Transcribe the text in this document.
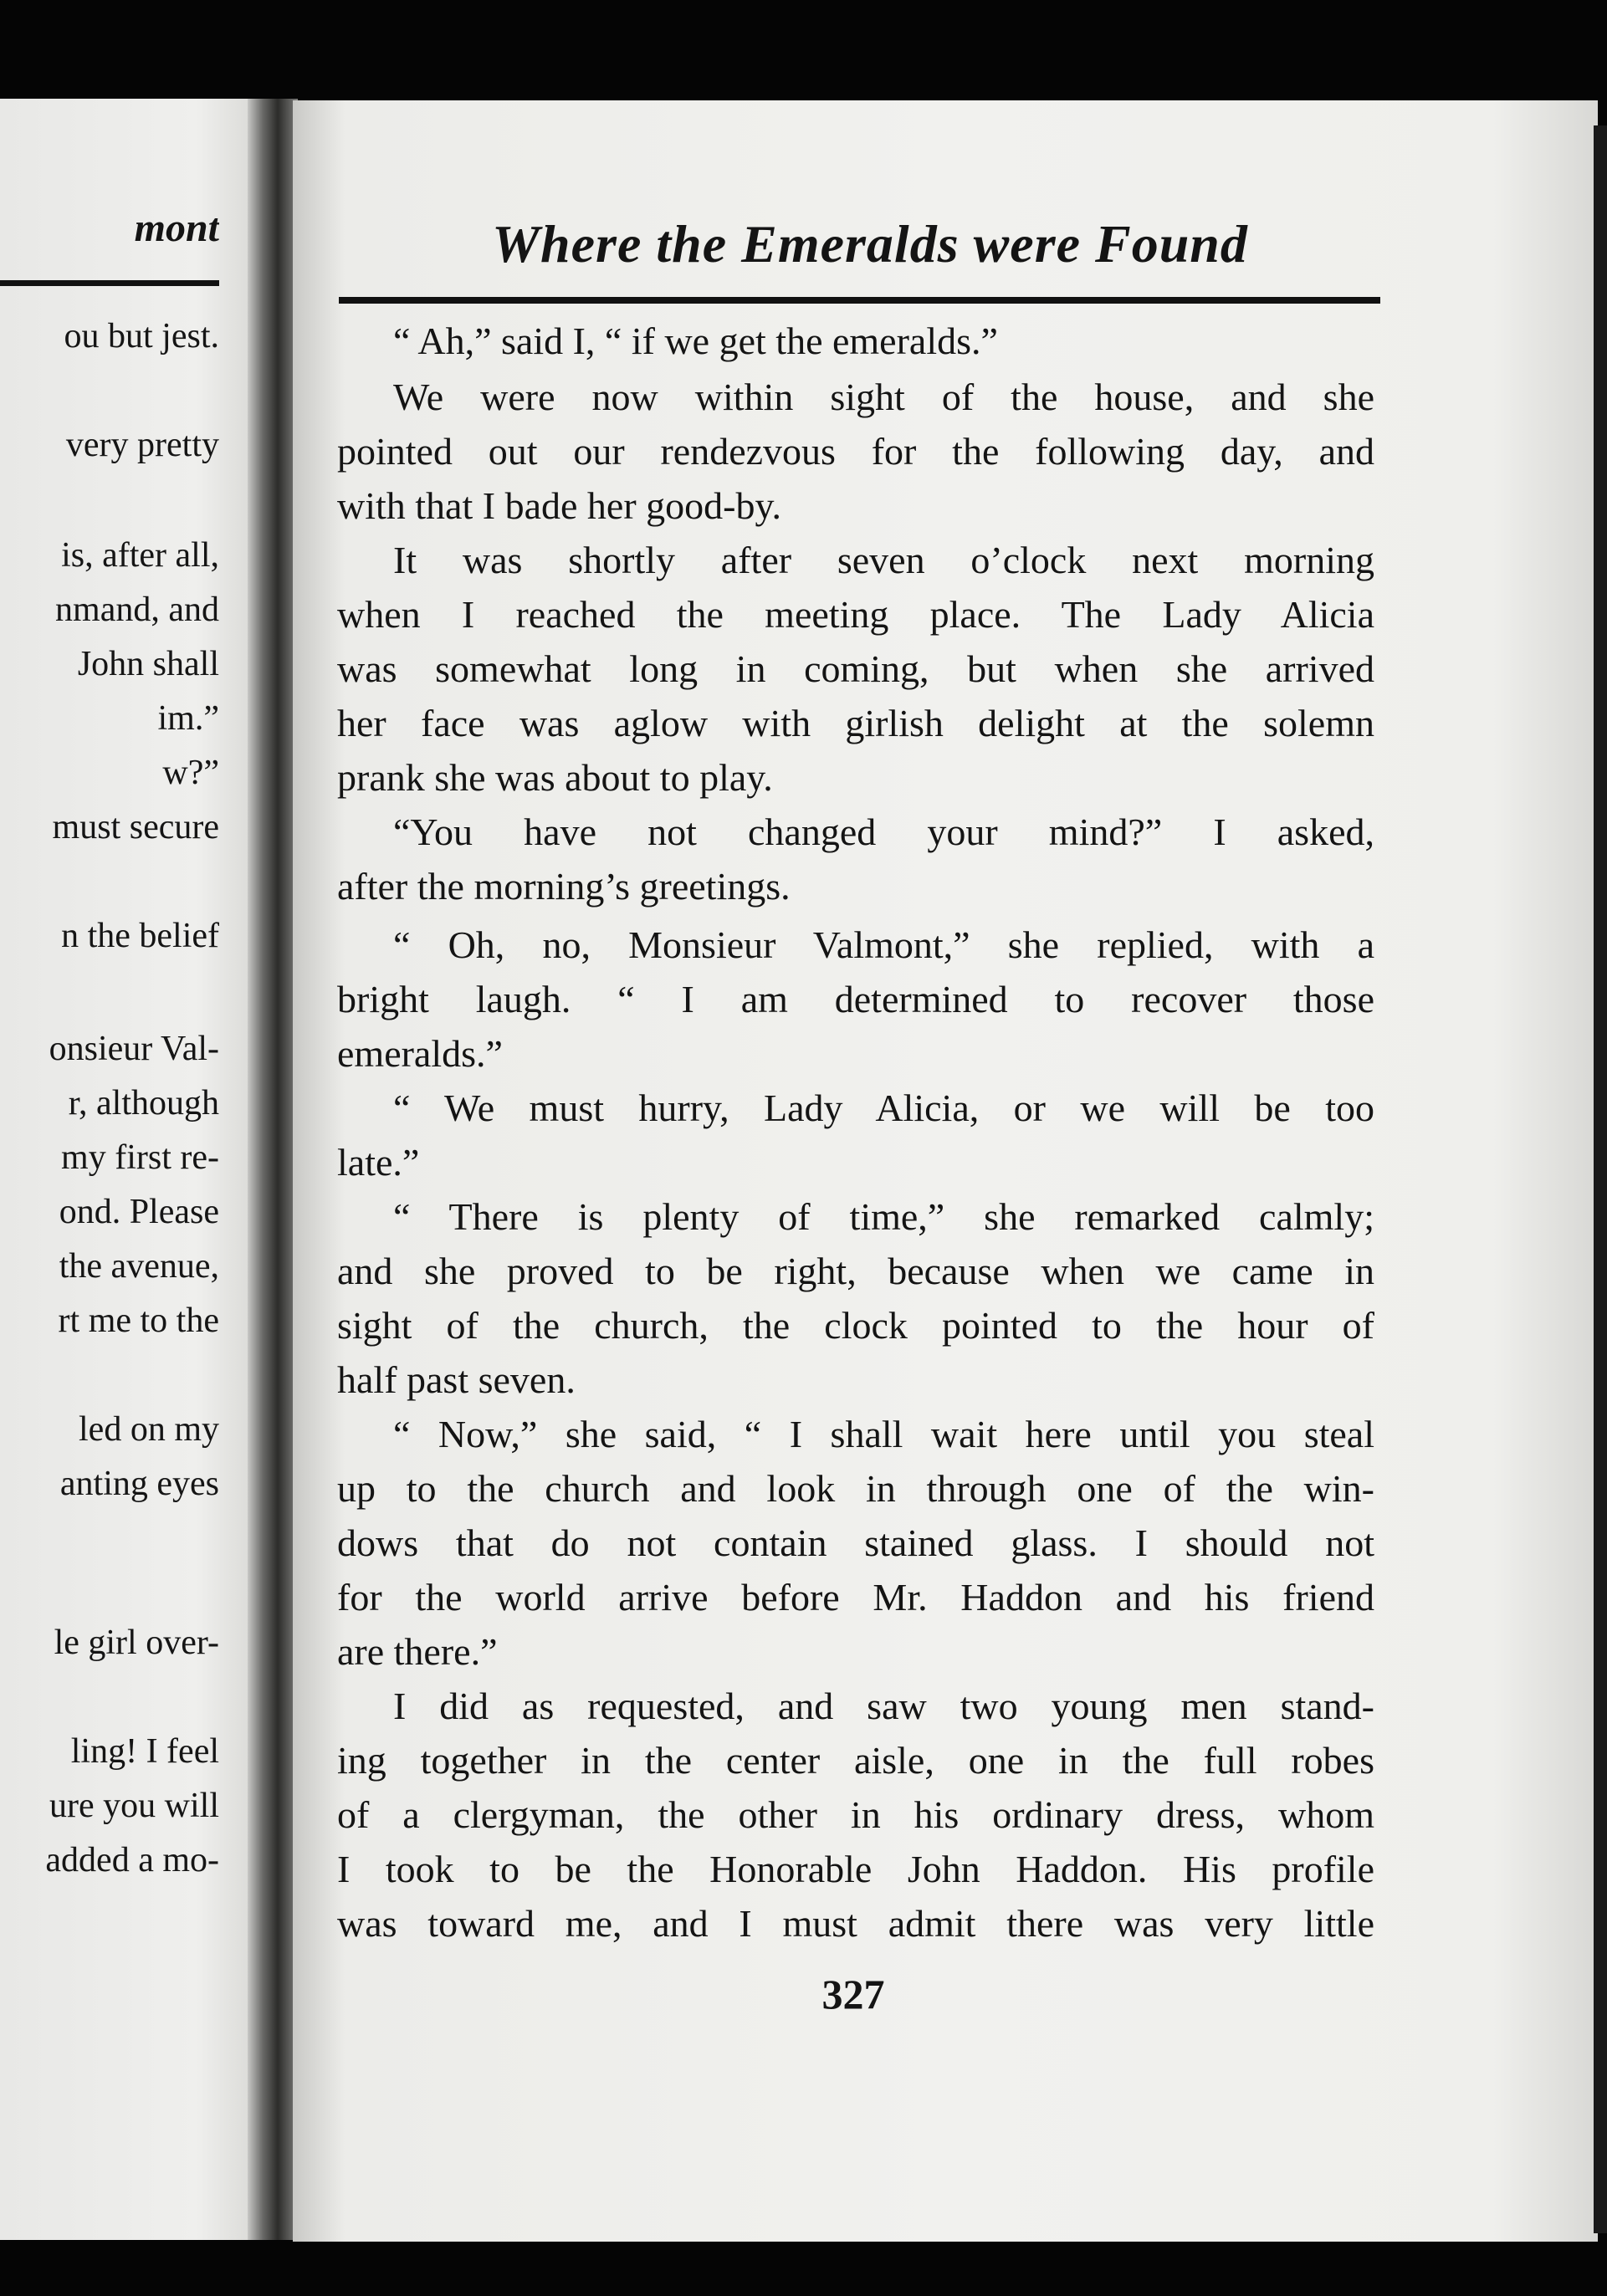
mont
ou but jest.
very pretty
is, after all,
nmand, and
John shall
im.”
w?”
must secure
n the belief
onsieur Val-
r, although
my first re-
ond. Please
the avenue,
rt me to the
led on my
anting eyes
le girl over-
ling! I feel
ure you will
added a mo-
Where the Emeralds were Found
“ Ah,” said I, “ if we get the emeralds.”
We were now within sight of the house, and she
pointed out our rendezvous for the following day, and
with that I bade her good-by.
It was shortly after seven o’clock next morning
when I reached the meeting place. The Lady Alicia
was somewhat long in coming, but when she arrived
her face was aglow with girlish delight at the solemn
prank she was about to play.
“You have not changed your mind?” I asked,
after the morning’s greetings.
“ Oh, no, Monsieur Valmont,” she replied, with a
bright laugh. “ I am determined to recover those
emeralds.”
“ We must hurry, Lady Alicia, or we will be too
late.”
“ There is plenty of time,” she remarked calmly;
and she proved to be right, because when we came in
sight of the church, the clock pointed to the hour of
half past seven.
“ Now,” she said, “ I shall wait here until you steal
up to the church and look in through one of the win-
dows that do not contain stained glass. I should not
for the world arrive before Mr. Haddon and his friend
are there.”
I did as requested, and saw two young men stand-
ing together in the center aisle, one in the full robes
of a clergyman, the other in his ordinary dress, whom
I took to be the Honorable John Haddon. His profile
was toward me, and I must admit there was very little
327
